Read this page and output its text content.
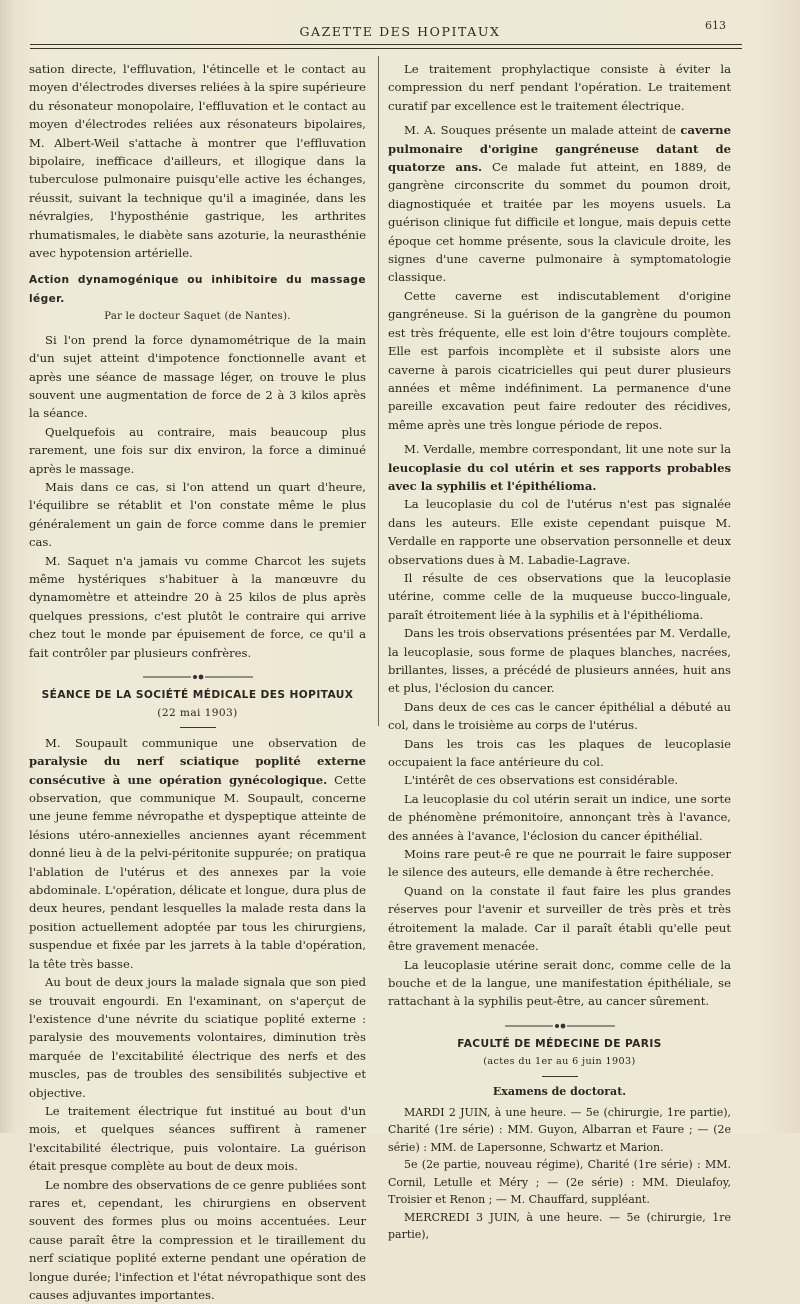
GAZETTE DES HOPITAUX	613

sation directe, l'effluvation, l'étincelle et le contact au moyen d'électrodes diverses reliées à la spire supérieure du résonateur monopolaire, l'effluvation et le contact au moyen d'électrodes reliées aux résonateurs bipolaires, M. Albert-Weil s'attache à montrer que l'effluvation bipolaire, inefficace d'ailleurs, et illogique dans la tuberculose pulmonaire puisqu'elle active les échanges, réussit, suivant la technique qu'il a imaginée, dans les névralgies, l'hyposthénie gastrique, les arthrites rhumatismales, le diabète sans azoturie, la neurasthénie avec hypotension artérielle.

Action dynamogénique ou inhibitoire du massage léger.

Par le docteur Saquet (de Nantes).

Si l'on prend la force dynamométrique de la main d'un sujet atteint d'impotence fonctionnelle avant et après une séance de massage léger, on trouve le plus souvent une augmentation de force de 2 à 3 kilos après la séance.

Quelquefois au contraire, mais beaucoup plus rarement, une fois sur dix environ, la force a diminué après le massage.

Mais dans ce cas, si l'on attend un quart d'heure, l'équilibre se rétablit et l'on constate même le plus généralement un gain de force comme dans le premier cas.

M. Saquet n'a jamais vu comme Charcot les sujets même hystériques s'habituer à la manœuvre du dynamomètre et atteindre 20 à 25 kilos de plus après quelques pressions, c'est plutôt le contraire qui arrive chez tout le monde par épuisement de force, ce qu'il a fait contrôler par plusieurs confrères.

SÉANCE DE LA SOCIÉTÉ MÉDICALE DES HOPITAUX

(22 mai 1903)

M. Soupault communique une observation de paralysie du nerf sciatique poplité externe consécutive à une opération gynécologique. Cette observation, que communique M. Soupault, concerne une jeune femme névropathe et dyspeptique atteinte de lésions utéro-annexielles anciennes ayant récemment donné lieu à de la pelvi-péritonite suppurée; on pratiqua l'ablation de l'utérus et des annexes par la voie abdominale. L'opération, délicate et longue, dura plus de deux heures, pendant lesquelles la malade resta dans la position actuellement adoptée par tous les chirurgiens, suspendue et fixée par les jarrets à la table d'opération, la tête très basse.

Au bout de deux jours la malade signala que son pied se trouvait engourdi. En l'examinant, on s'aperçut de l'existence d'une névrite du sciatique poplité externe : paralysie des mouvements volontaires, diminution très marquée de l'excitabilité électrique des nerfs et des muscles, pas de troubles des sensibilités subjective et objective.

Le traitement électrique fut institué au bout d'un mois, et quelques séances suffirent à ramener l'excitabilité électrique, puis volontaire. La guérison était presque complète au bout de deux mois.

Le nombre des observations de ce genre publiées sont rares et, cependant, les chirurgiens en observent souvent des formes plus ou moins accentuées. Leur cause paraît être la compression et le tiraillement du nerf sciatique poplité externe pendant une opération de longue durée; l'infection et l'état névropathique sont des causes adjuvantes importantes.

Le traitement prophylactique consiste à éviter la compression du nerf pendant l'opération. Le traitement curatif par excellence est le traitement électrique.

M. A. Souques présente un malade atteint de caverne pulmonaire d'origine gangréneuse datant de quatorze ans. Ce malade fut atteint, en 1889, de gangrène circonscrite du sommet du poumon droit, diagnostiquée et traitée par les moyens usuels. La guérison clinique fut difficile et longue, mais depuis cette époque cet homme présente, sous la clavicule droite, les signes d'une caverne pulmonaire à symptomatologie classique.

Cette caverne est indiscutablement d'origine gangréneuse. Si la guérison de la gangrène du poumon est très fréquente, elle est loin d'être toujours complète. Elle est parfois incomplète et il subsiste alors une caverne à parois cicatricielles qui peut durer plusieurs années et même indéfiniment. La permanence d'une pareille excavation peut faire redouter des récidives, même après une très longue période de repos.

M. Verdalle, membre correspondant, lit une note sur la leucoplasie du col utérin et ses rapports probables avec la syphilis et l'épithélioma.

La leucoplasie du col de l'utérus n'est pas signalée dans les auteurs. Elle existe cependant puisque M. Verdalle en rapporte une observation personnelle et deux observations dues à M. Labadie-Lagrave.

Il résulte de ces observations que la leucoplasie utérine, comme celle de la muqueuse bucco-linguale, paraît étroitement liée à la syphilis et à l'épithélioma.

Dans les trois observations présentées par M. Verdalle, la leucoplasie, sous forme de plaques blanches, nacrées, brillantes, lisses, a précédé de plusieurs années, huit ans et plus, l'éclosion du cancer.

Dans deux de ces cas le cancer épithélial a débuté au col, dans le troisième au corps de l'utérus.

Dans les trois cas les plaques de leucoplasie occupaient la face antérieure du col.

L'intérêt de ces observations est considérable.

La leucoplasie du col utérin serait un indice, une sorte de phénomène prémonitoire, annonçant très à l'avance, des années à l'avance, l'éclosion du cancer épithélial.

Moins rare peut-ê re que ne pourrait le faire supposer le silence des auteurs, elle demande à être recherchée.

Quand on la constate il faut faire les plus grandes réserves pour l'avenir et surveiller de très près et très étroitement la malade. Car il paraît établi qu'elle peut être gravement menacée.

La leucoplasie utérine serait donc, comme celle de la bouche et de la langue, une manifestation épithéliale, se rattachant à la syphilis peut-être, au cancer sûrement.

FACULTÉ DE MÉDECINE DE PARIS

(actes du 1er au 6 juin 1903)

Examens de doctorat.

MARDI 2 JUIN, à une heure. — 5e (chirurgie, 1re partie), Charité (1re série) : MM. Guyon, Albarran et Faure ; — (2e série) : MM. de Lapersonne, Schwartz et Marion.

5e (2e partie, nouveau régime), Charité (1re série) : MM. Cornil, Letulle et Méry ; — (2e série) : MM. Dieulafoy, Troisier et Renon ; — M. Chauffard, suppléant.

MERCREDI 3 JUIN, à une heure. — 5e (chirurgie, 1re partie),
